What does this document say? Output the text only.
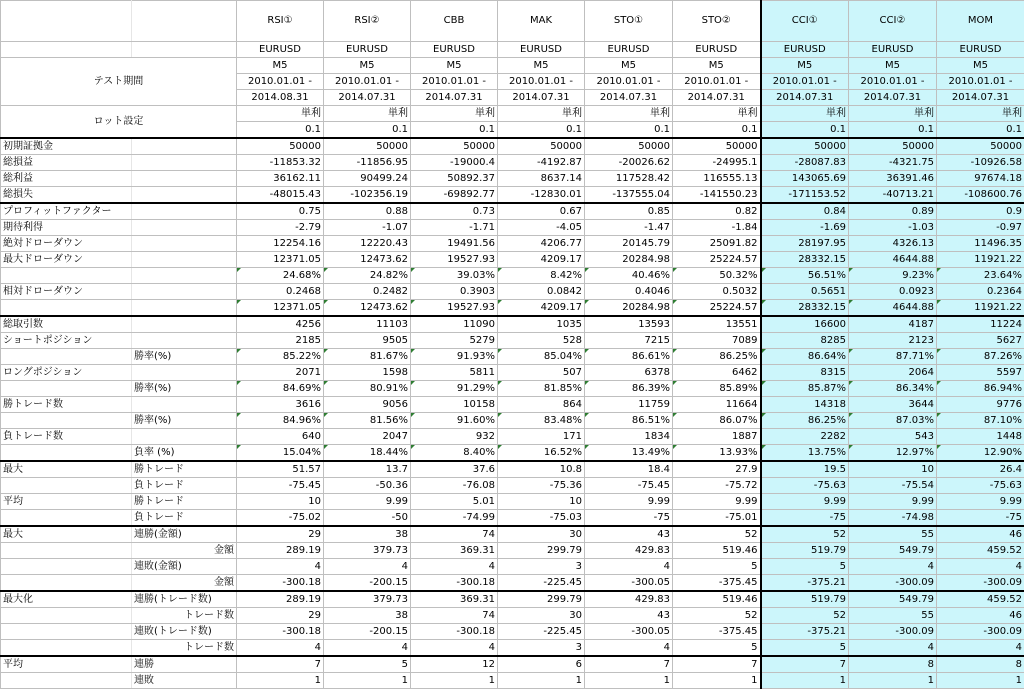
		RSI①	RSI②	CBB	MAK	STO①	STO②	CCI①	CCI②	MOM
		EURUSD	EURUSD	EURUSD	EURUSD	EURUSD	EURUSD	EURUSD	EURUSD	EURUSD
テスト期間		M5	M5	M5	M5	M5	M5	M5	M5	M5
		2010.01.01 -	2010.01.01 -	2010.01.01 -	2010.01.01 -	2010.01.01 -	2010.01.01 -	2010.01.01 -	2010.01.01 -	2010.01.01 -
		2014.08.31	2014.07.31	2014.07.31	2014.07.31	2014.07.31	2014.07.31	2014.07.31	2014.07.31	2014.07.31
ロット設定		単利	単利	単利	単利	単利	単利	単利	単利	単利
		0.1	0.1	0.1	0.1	0.1	0.1	0.1	0.1	0.1
初期証拠金		50000	50000	50000	50000	50000	50000	50000	50000	50000
総損益		-11853.32	-11856.95	-19000.4	-4192.87	-20026.62	-24995.1	-28087.83	-4321.75	-10926.58
総利益		36162.11	90499.24	50892.37	8637.14	117528.42	116555.13	143065.69	36391.46	97674.18
総損失		-48015.43	-102356.19	-69892.77	-12830.01	-137555.04	-141550.23	-171153.52	-40713.21	-108600.76
プロフィットファクター		0.75	0.88	0.73	0.67	0.85	0.82	0.84	0.89	0.9
期待利得		-2.79	-1.07	-1.71	-4.05	-1.47	-1.84	-1.69	-1.03	-0.97
絶対ドローダウン		12254.16	12220.43	19491.56	4206.77	20145.79	25091.82	28197.95	4326.13	11496.35
最大ドローダウン		12371.05	12473.62	19527.93	4209.17	20284.98	25224.57	28332.15	4644.88	11921.22
		24.68%	24.82%	39.03%	8.42%	40.46%	50.32%	56.51%	9.23%	23.64%
相対ドローダウン		0.2468	0.2482	0.3903	0.0842	0.4046	0.5032	0.5651	0.0923	0.2364
		12371.05	12473.62	19527.93	4209.17	20284.98	25224.57	28332.15	4644.88	11921.22
総取引数		4256	11103	11090	1035	13593	13551	16600	4187	11224
ショートポジション		2185	9505	5279	528	7215	7089	8285	2123	5627
	勝率(%)	85.22%	81.67%	91.93%	85.04%	86.61%	86.25%	86.64%	87.71%	87.26%
ロングポジション		2071	1598	5811	507	6378	6462	8315	2064	5597
	勝率(%)	84.69%	80.91%	91.29%	81.85%	86.39%	85.89%	85.87%	86.34%	86.94%
勝トレード数		3616	9056	10158	864	11759	11664	14318	3644	9776
	勝率(%)	84.96%	81.56%	91.60%	83.48%	86.51%	86.07%	86.25%	87.03%	87.10%
負トレード数		640	2047	932	171	1834	1887	2282	543	1448
	負率 (%)	15.04%	18.44%	8.40%	16.52%	13.49%	13.93%	13.75%	12.97%	12.90%
最大	勝トレード	51.57	13.7	37.6	10.8	18.4	27.9	19.5	10	26.4
	負トレード	-75.45	-50.36	-76.08	-75.36	-75.45	-75.72	-75.63	-75.54	-75.63
平均	勝トレード	10	9.99	5.01	10	9.99	9.99	9.99	9.99	9.99
	負トレード	-75.02	-50	-74.99	-75.03	-75	-75.01	-75	-74.98	-75
最大	連勝(金額)	29	38	74	30	43	52	52	55	46
	金額	289.19	379.73	369.31	299.79	429.83	519.46	519.79	549.79	459.52
	連敗(金額)	4	4	4	3	4	5	5	4	4
	金額	-300.18	-200.15	-300.18	-225.45	-300.05	-375.45	-375.21	-300.09	-300.09
最大化	連勝(トレード数)	289.19	379.73	369.31	299.79	429.83	519.46	519.79	549.79	459.52
	トレード数	29	38	74	30	43	52	52	55	46
	連敗(トレード数)	-300.18	-200.15	-300.18	-225.45	-300.05	-375.45	-375.21	-300.09	-300.09
	トレード数	4	4	4	3	4	5	5	4	4
平均	連勝	7	5	12	6	7	7	7	8	8
	連敗	1	1	1	1	1	1	1	1	1
